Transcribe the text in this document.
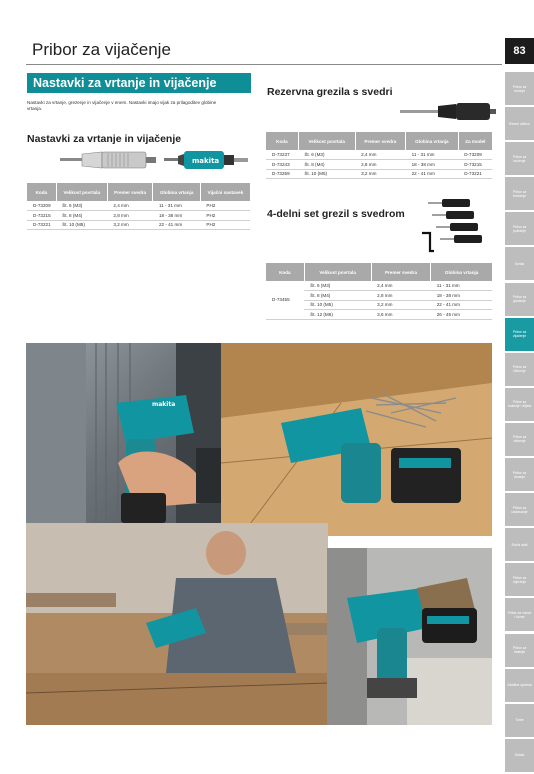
Pribor za vijačenje	83
Pribor za rezanje
Rezne oštrice
Pribor za bušenje
Pribor za brušenje
Pribor za poliranje
Svrdla
Pribor za glodanje
Pribor za vijačenje
Pribor za čišćenje
Pribor za bušenje i dlijeta
Pribor za oštrenje
Pribor za rezanje
Pribor za usisavanje
Ručni alati
Pribor za mjerenje
Pribor za vrtove i šume
Pribor za baterije
Zaštitna oprema
Torbe
Ostalo
Nastavki za vrtanje in vijačenje
Nastavki za vrtanje, grezenje in vijačenje v enem. Nastavki imajo vijak za prilagoditev globine vrtanja.
Nastavki za vrtanje in vijačenje
makita
Koda	Velikost povrtala	Premer svedra	Globina vrtanja	Vijačni nastavek
D-73209	Št. 6 (M3)	2,4 mm	11 - 31 mm	PH2
D-73215	Št. 8 (M4)	2,8 mm	18 - 38 mm	PH2
D-73221	Št. 10 (M5)	3,2 mm	22 - 41 mm	PH2
Rezervna grezila s svedri
Koda	Velikost povrtala	Premer svedra	Globina vrtanja	Za model
D-73237	Št. 6 (M3)	2,4 mm	11 - 31 mm	D-73209
D-73243	Št. 8 (M4)	2,8 mm	18 - 38 mm	D-73215
D-73259	Št. 10 (M5)	3,2 mm	22 - 41 mm	D-73221
4-delni set grezil s svedrom
Koda	Velikost povrtala	Premer svedra	Globina vrtanja
D-73455	Št. 6 (M3)	2,4 mm	11 - 31 mm
	Št. 8 (M4)	2,8 mm	18 - 38 mm
	Št. 10 (M5)	3,2 mm	22 - 41 mm
	Št. 12 (M6)	3,6 mm	26 - 45 mm
makita
